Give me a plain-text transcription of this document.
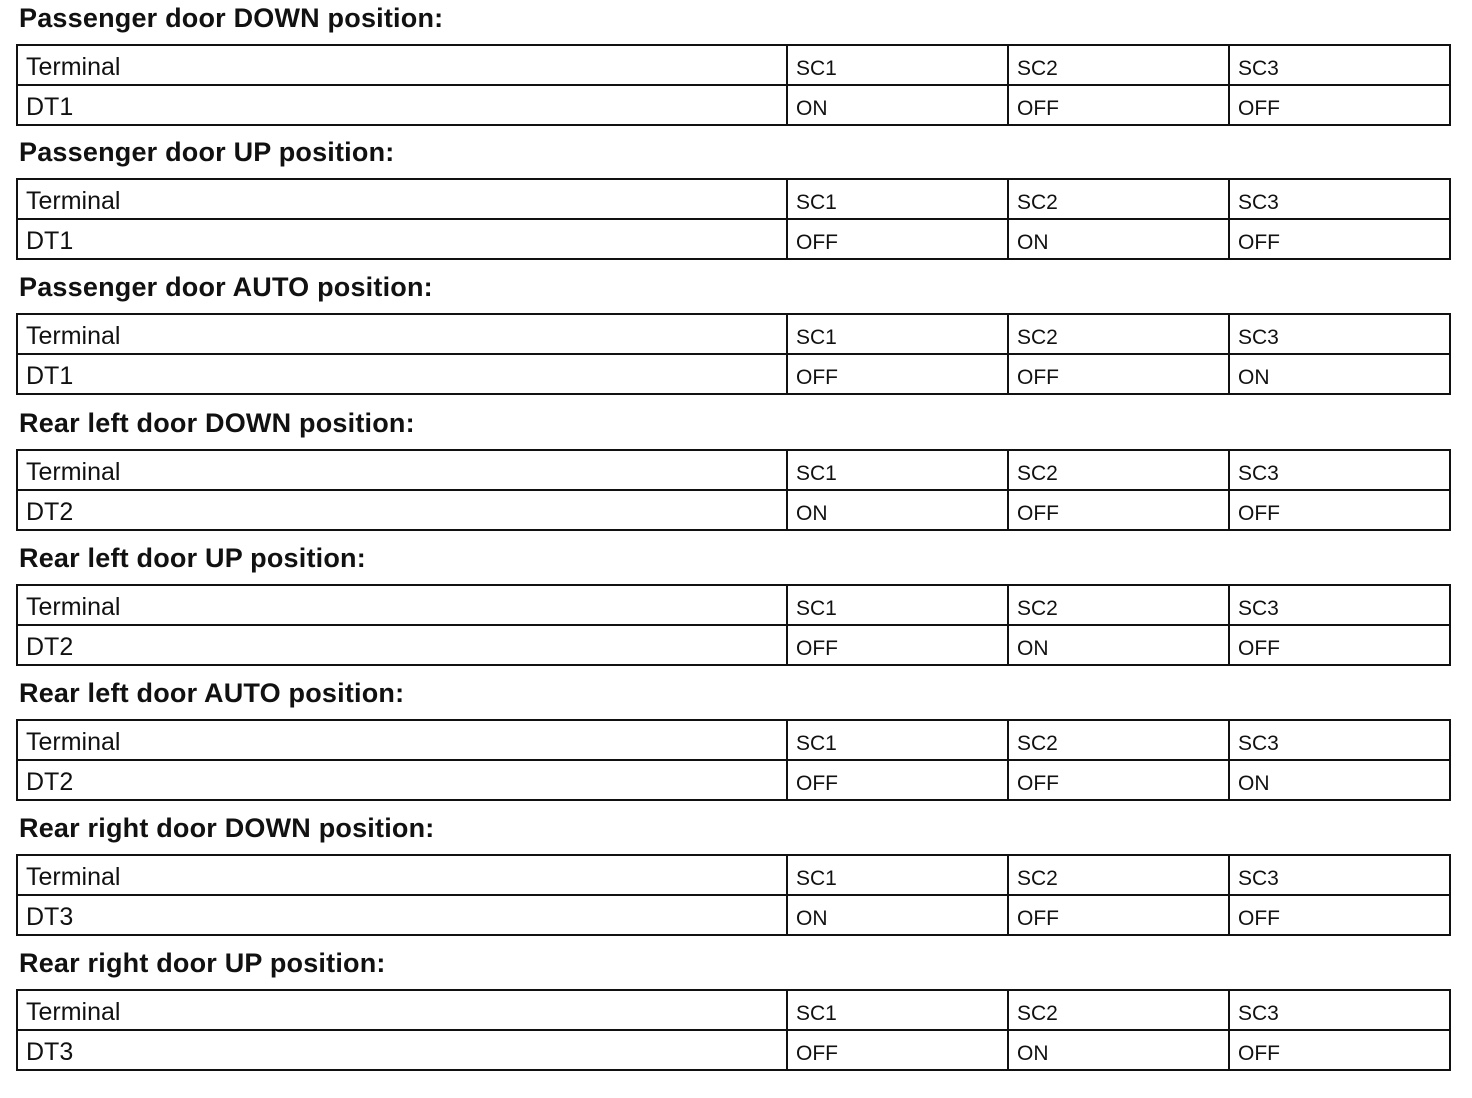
Passenger door DOWN position:
Terminal	SC1	SC2	SC3
DT1	ON	OFF	OFF
Passenger door UP position:
Terminal	SC1	SC2	SC3
DT1	OFF	ON	OFF
Passenger door AUTO position:
Terminal	SC1	SC2	SC3
DT1	OFF	OFF	ON
Rear left door DOWN position:
Terminal	SC1	SC2	SC3
DT2	ON	OFF	OFF
Rear left door UP position:
Terminal	SC1	SC2	SC3
DT2	OFF	ON	OFF
Rear left door AUTO position:
Terminal	SC1	SC2	SC3
DT2	OFF	OFF	ON
Rear right door DOWN position:
Terminal	SC1	SC2	SC3
DT3	ON	OFF	OFF
Rear right door UP position:
Terminal	SC1	SC2	SC3
DT3	OFF	ON	OFF
